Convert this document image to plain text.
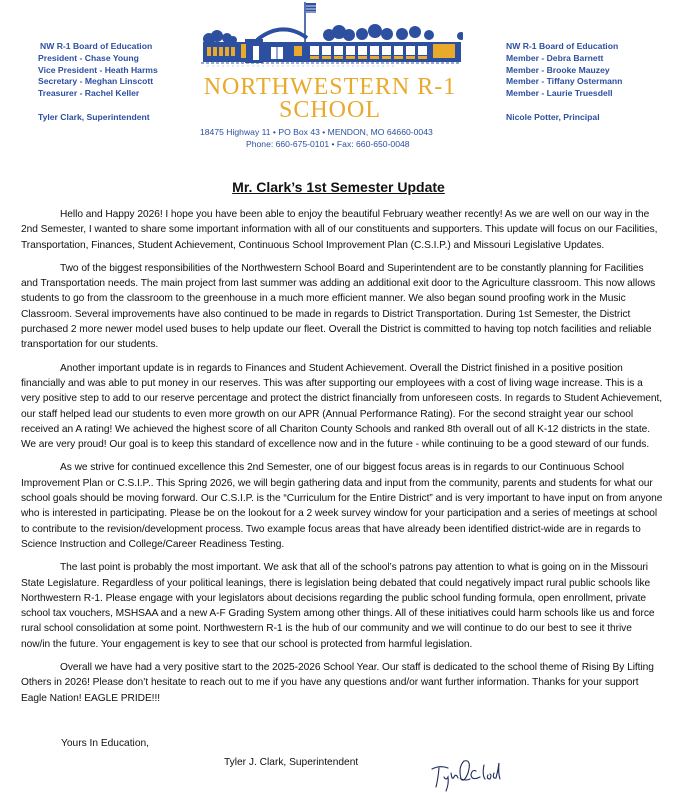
NW R-1 Board of Education
President - Chase Young
Vice President - Heath Harms
Secretary - Meghan Linscott
Treasurer - Rachel Keller
Tyler Clark, Superintendent
NORTHWESTERN R-1
SCHOOL
18475 Highway 11 • PO Box 43 • MENDON, MO 64660-0043
Phone: 660-675-0101 • Fax: 660-650-0048
NW R-1 Board of Education
Member - Debra Barnett
Member - Brooke Mauzey
Member - Tiffany Ostermann
Member - Laurie Truesdell
Nicole Potter, Principal
Mr. Clark’s 1st Semester Update

Hello and Happy 2026! I hope you have been able to enjoy the beautiful February weather recently! As we are well on our way in the 2nd Semester, I wanted to share some important information with all of our constituents and supporters. This update will focus on our Facilities, Transportation, Finances, Student Achievement, Continuous School Improvement Plan (C.S.I.P.) and Missouri Legislative Updates.

Two of the biggest responsibilities of the Northwestern School Board and Superintendent are to be constantly planning for Facilities and Transportation needs. The main project from last summer was adding an additional exit door to the Agriculture classroom. This now allows students to go from the classroom to the greenhouse in a much more efficient manner. We also began sound proofing work in the Music Classroom. Several improvements have also continued to be made in regards to District Transportation. During 1st Semester, the District purchased 2 more newer model used buses to help update our fleet. Overall the District is committed to having top notch facilities and reliable transportation for our students.

Another important update is in regards to Finances and Student Achievement. Overall the District finished in a positive position financially and was able to put money in our reserves. This was after supporting our employees with a cost of living wage increase. This is a very positive step to add to our reserve percentage and protect the district financially from unforeseen costs. In regards to Student Achievement, our staff helped lead our students to even more growth on our APR (Annual Performance Rating). For the second straight year our school received an A rating! We achieved the highest score of all Chariton County Schools and ranked 8th overall out of all K-12 districts in the state. We are very proud! Our goal is to keep this standard of excellence now and in the future - while continuing to be a good steward of our funds.

As we strive for continued excellence this 2nd Semester, one of our biggest focus areas is in regards to our Continuous School Improvement Plan or C.S.I.P.. This Spring 2026, we will begin gathering data and input from the community, parents and students for what our school goals should be moving forward. Our C.S.I.P. is the “Curriculum for the Entire District” and is very important to have input on from anyone who is interested in participating. Please be on the lookout for a 2 week survey window for your participation and a series of meetings at school to contribute to the revision/development process. Two example focus areas that have already been identified district-wide are in regards to Science Instruction and College/Career Readiness Testing.

The last point is probably the most important. We ask that all of the school’s patrons pay attention to what is going on in the Missouri State Legislature. Regardless of your political leanings, there is legislation being debated that could negatively impact rural public schools like Northwestern R-1. Please engage with your legislators about decisions regarding the public school funding formula, open enrollment, private school tax vouchers, MSHSAA and a new A-F Grading System among other things. All of these initiatives could harm schools like us and force rural school consolidation at some point. Northwestern R-1 is the hub of our community and we will continue to do our best to see it thrive now/in the future. Your engagement is key to see that our school is protected from harmful legislation.

Overall we have had a very positive start to the 2025-2026 School Year. Our staff is dedicated to the school theme of Rising By Lifting Others in 2026! Please don’t hesitate to reach out to me if you have any questions and/or want further information. Thanks for your support Eagle Nation! EAGLE PRIDE!!!

Yours In Education,
Tyler J. Clark, Superintendent
